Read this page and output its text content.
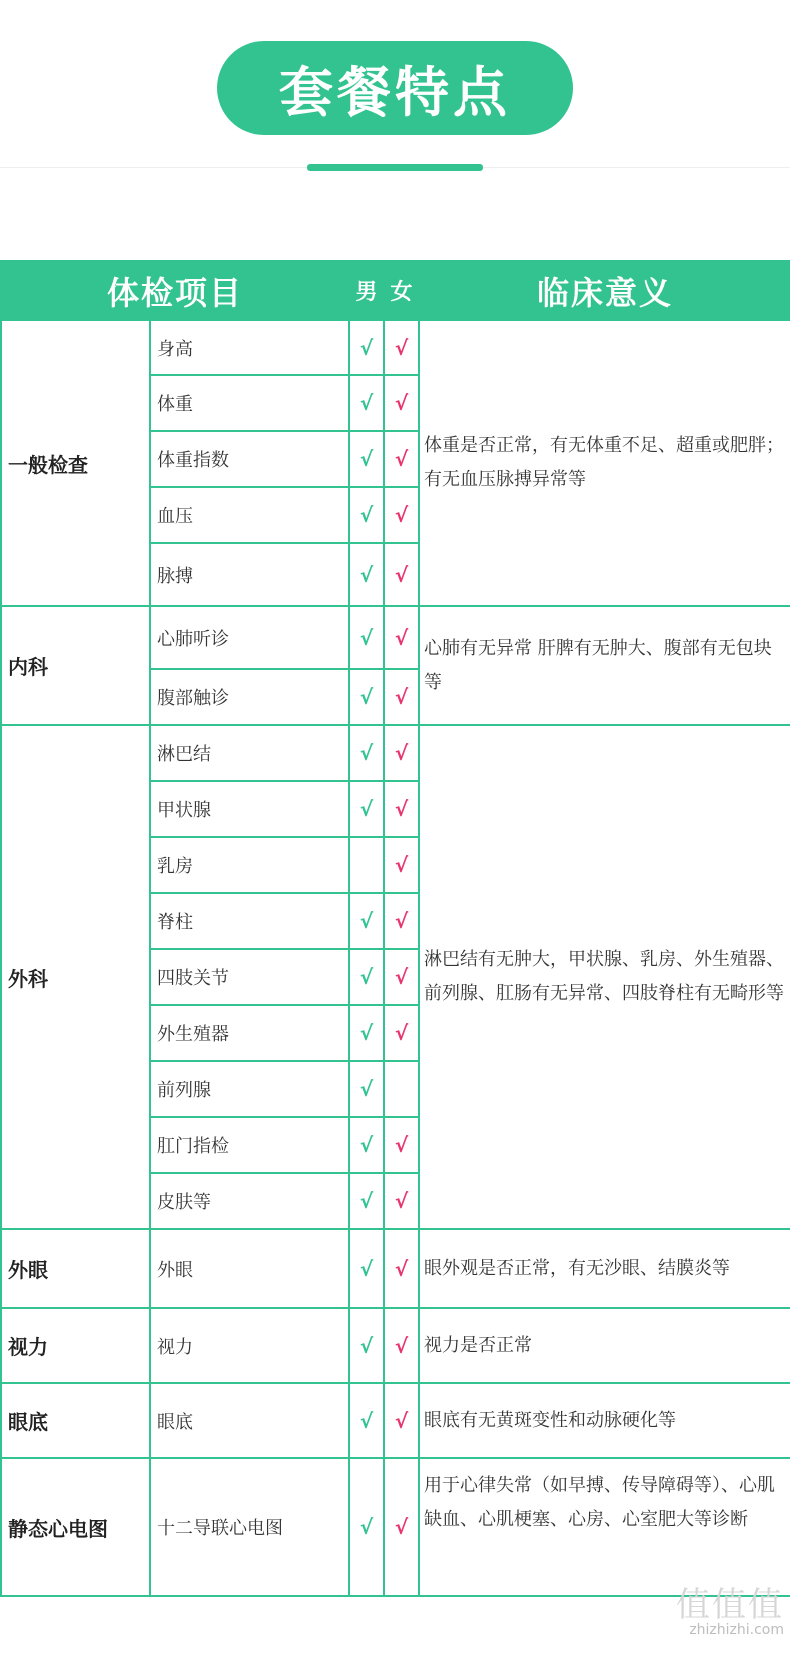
套餐特点
体检项目		男	女	临床意义
一般检查	身高	√	√	体重是否正常，有无体重不足、超重或肥胖；有无血压脉搏异常等
	体重	√	√	
	体重指数	√	√	
	血压	√	√	
	脉搏	√	√	
内科	心肺听诊	√	√	心肺有无异常 肝脾有无肿大、腹部有无包块等
	腹部触诊	√	√	
外科	淋巴结	√	√	淋巴结有无肿大，甲状腺、乳房、外生殖器、前列腺、肛肠有无异常、四肢脊柱有无畸形等
	甲状腺	√	√	
	乳房		√	
	脊柱	√	√	
	四肢关节	√	√	
	外生殖器	√	√	
	前列腺	√		
	肛门指检	√	√	
	皮肤等	√	√	
外眼	外眼	√	√	眼外观是否正常，有无沙眼、结膜炎等
视力	视力	√	√	视力是否正常
眼底	眼底	√	√	眼底有无黄斑变性和动脉硬化等
静态心电图	十二导联心电图	√	√	用于心律失常（如早搏、传导障碍等）、心肌缺血、心肌梗塞、心房、心室肥大等诊断
值值值
zhizhizhi.com
